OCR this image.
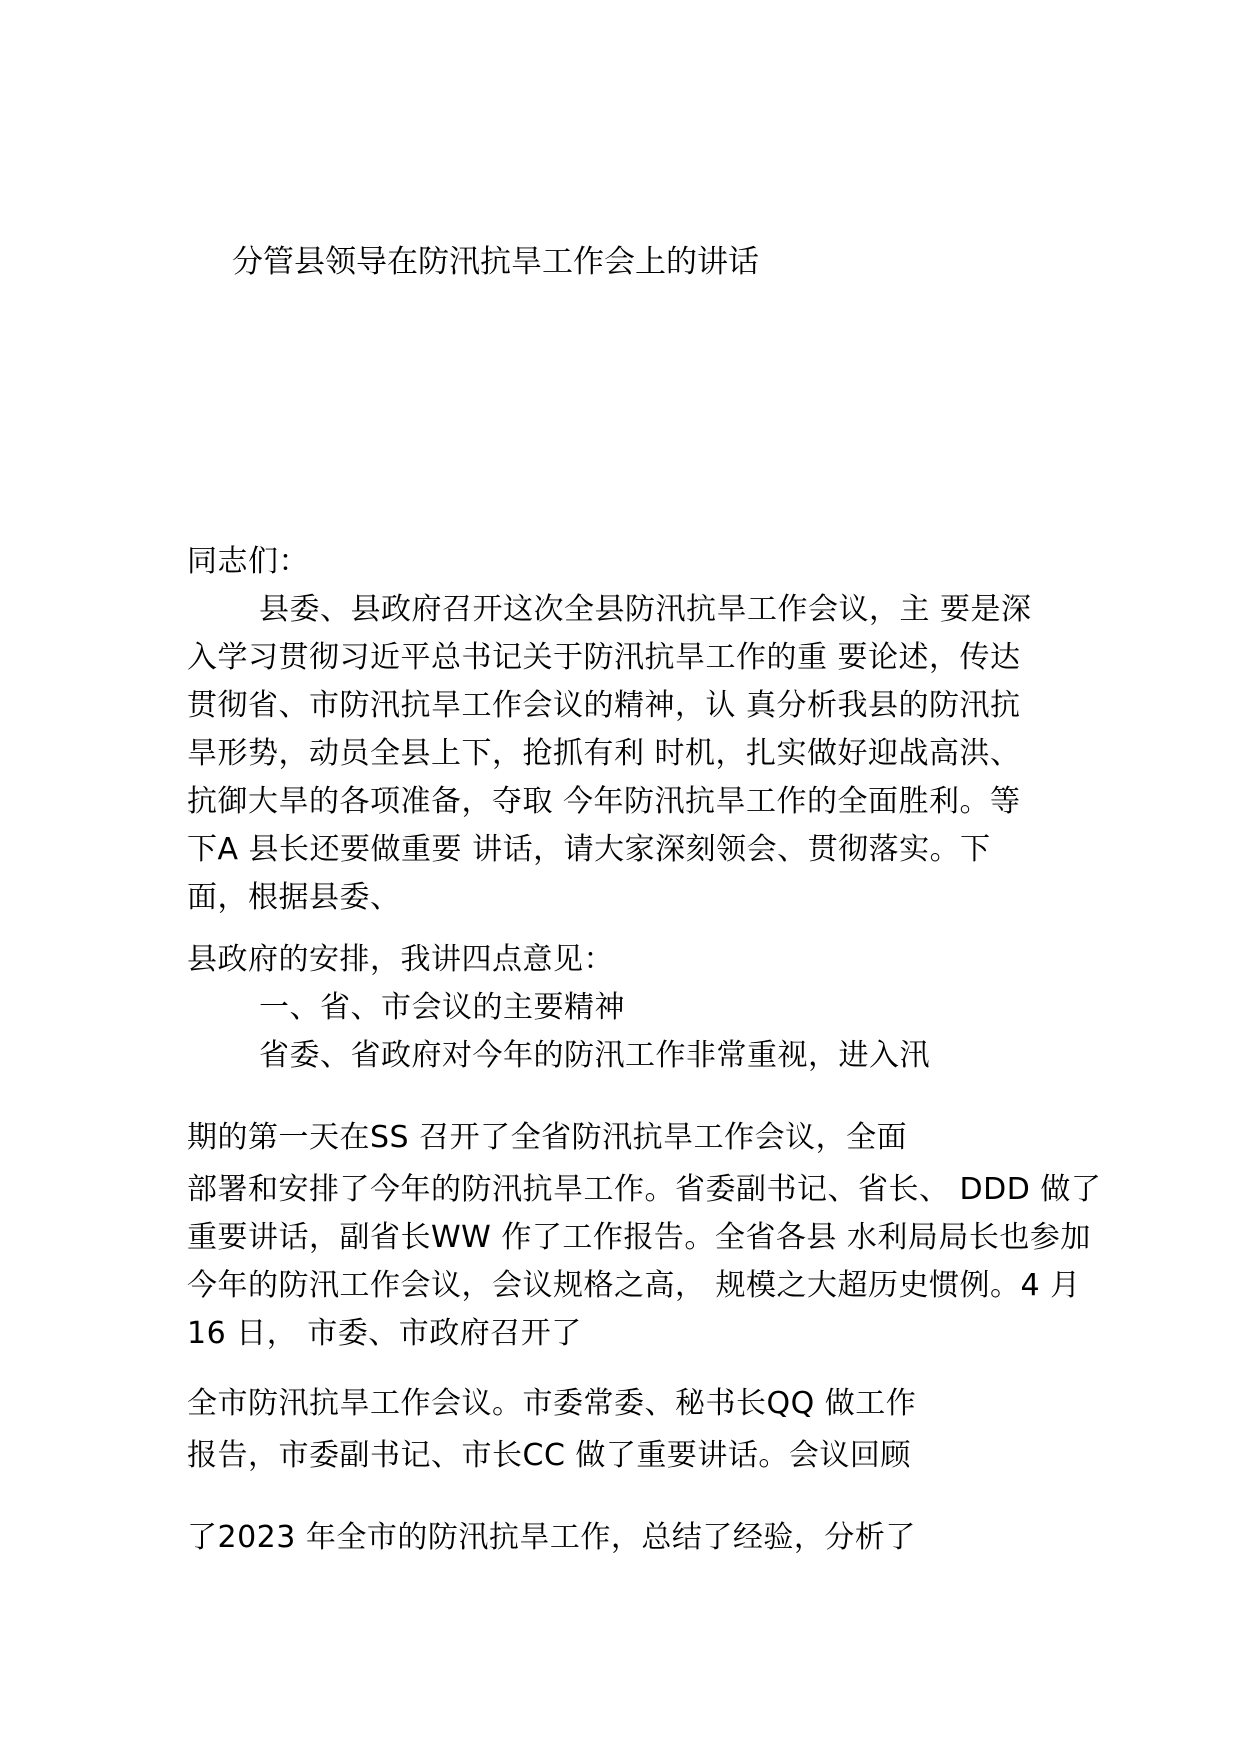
分管县领导在防汛抗旱工作会上的讲话
同志们：
县委、县政府召开这次全县防汛抗旱工作会议，主 要是深
入学习贯彻习近平总书记关于防汛抗旱工作的重 要论述，传达
贯彻省、市防汛抗旱工作会议的精神，认 真分析我县的防汛抗
旱形势，动员全县上下，抢抓有利 时机，扎实做好迎战高洪、
抗御大旱的各项准备，夺取 今年防汛抗旱工作的全面胜利。等
下A 县长还要做重要 讲话，请大家深刻领会、贯彻落实。下
面，根据县委、
县政府的安排，我讲四点意见：
一、省、市会议的主要精神
省委、省政府对今年的防汛工作非常重视，进入汛
期的第一天在SS 召开了全省防汛抗旱工作会议，全面
部署和安排了今年的防汛抗旱工作。省委副书记、省长、 DDD 做了
重要讲话，副省长WW 作了工作报告。全省各县 水利局局长也参加
今年的防汛工作会议，会议规格之高， 规模之大超历史惯例。4 月
16 日， 市委、市政府召开了
全市防汛抗旱工作会议。市委常委、秘书长QQ 做工作
报告，市委副书记、市长CC 做了重要讲话。会议回顾
了2023 年全市的防汛抗旱工作，总结了经验，分析了
